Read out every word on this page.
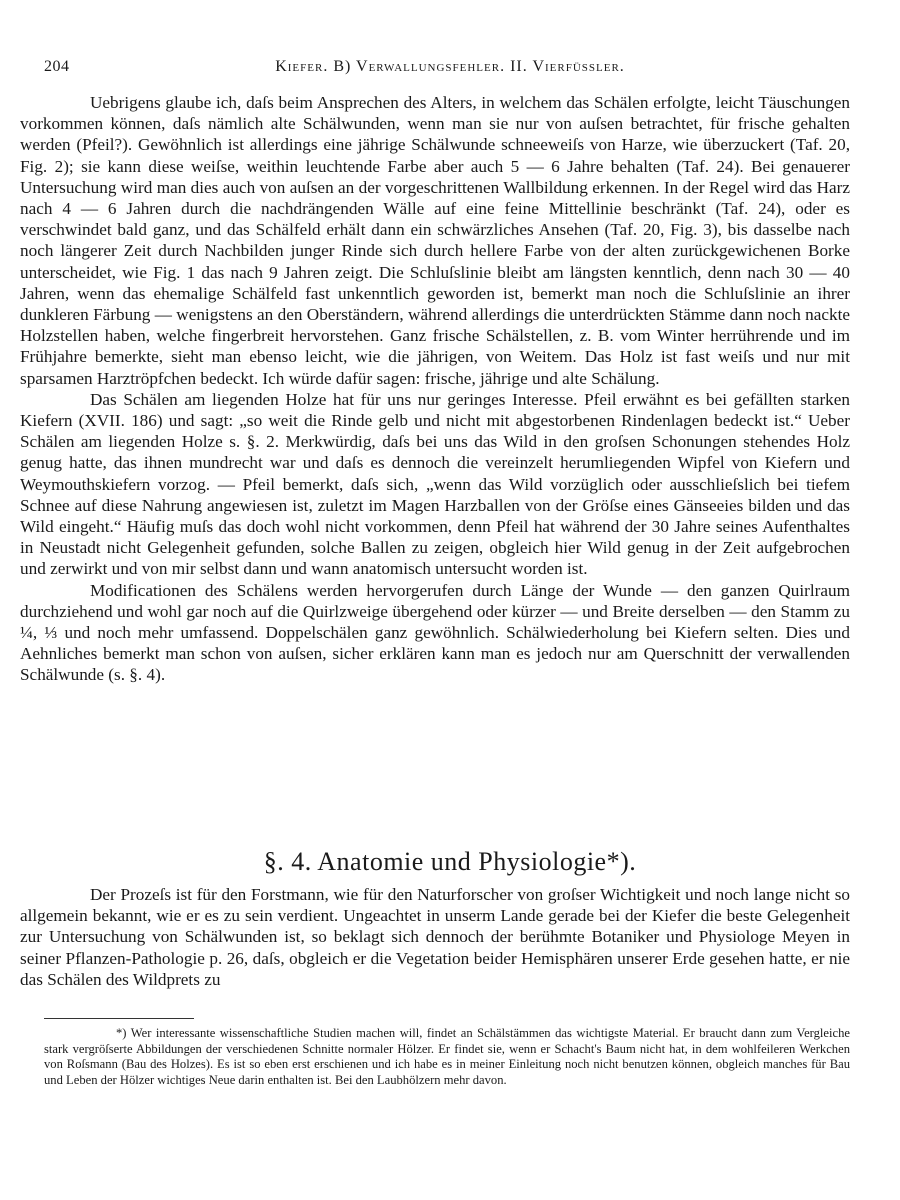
204	Kiefer. B) Verwallungsfehler. II. Vierfüssler.

Uebrigens glaube ich, daſs beim Ansprechen des Alters, in welchem das Schälen erfolgte, leicht Täuschungen vorkommen können, daſs nämlich alte Schälwunden, wenn man sie nur von auſsen betrachtet, für frische gehalten werden (Pfeil?). Gewöhnlich ist allerdings eine jährige Schälwunde schneeweiſs von Harze, wie überzuckert (Taf. 20, Fig. 2); sie kann diese weiſse, weithin leuchtende Farbe aber auch 5 — 6 Jahre behalten (Taf. 24). Bei genauerer Untersuchung wird man dies auch von auſsen an der vorgeschrittenen Wallbildung erkennen. In der Regel wird das Harz nach 4 — 6 Jahren durch die nachdrängenden Wälle auf eine feine Mittellinie beschränkt (Taf. 24), oder es verschwindet bald ganz, und das Schälfeld erhält dann ein schwärzliches Ansehen (Taf. 20, Fig. 3), bis dasselbe nach noch längerer Zeit durch Nachbilden junger Rinde sich durch hellere Farbe von der alten zurückgewichenen Borke unterscheidet, wie Fig. 1 das nach 9 Jahren zeigt. Die Schluſslinie bleibt am längsten kenntlich, denn nach 30 — 40 Jahren, wenn das ehemalige Schälfeld fast unkenntlich geworden ist, bemerkt man noch die Schluſslinie an ihrer dunkleren Färbung — wenigstens an den Oberständern, während allerdings die unterdrückten Stämme dann noch nackte Holzstellen haben, welche fingerbreit hervorstehen. Ganz frische Schälstellen, z. B. vom Winter herrührende und im Frühjahre bemerkte, sieht man ebenso leicht, wie die jährigen, von Weitem. Das Holz ist fast weiſs und nur mit sparsamen Harztröpfchen bedeckt. Ich würde dafür sagen: frische, jährige und alte Schälung.

Das Schälen am liegenden Holze hat für uns nur geringes Interesse. Pfeil erwähnt es bei gefällten starken Kiefern (XVII. 186) und sagt: „so weit die Rinde gelb und nicht mit abgestorbenen Rindenlagen bedeckt ist.“ Ueber Schälen am liegenden Holze s. §. 2. Merkwürdig, daſs bei uns das Wild in den groſsen Schonungen stehendes Holz genug hatte, das ihnen mundrecht war und daſs es dennoch die vereinzelt herumliegenden Wipfel von Kiefern und Weymouthskiefern vorzog. — Pfeil bemerkt, daſs sich, „wenn das Wild vorzüglich oder ausschlieſslich bei tiefem Schnee auf diese Nahrung angewiesen ist, zuletzt im Magen Harzballen von der Gröſse eines Gänseeies bilden und das Wild eingeht.“ Häufig muſs das doch wohl nicht vorkommen, denn Pfeil hat während der 30 Jahre seines Aufenthaltes in Neustadt nicht Gelegenheit gefunden, solche Ballen zu zeigen, obgleich hier Wild genug in der Zeit aufgebrochen und zerwirkt und von mir selbst dann und wann anatomisch untersucht worden ist.

Modificationen des Schälens werden hervorgerufen durch Länge der Wunde — den ganzen Quirlraum durchziehend und wohl gar noch auf die Quirlzweige übergehend oder kürzer — und Breite derselben — den Stamm zu ¼, ⅓ und noch mehr umfassend. Doppelschälen ganz gewöhnlich. Schälwiederholung bei Kiefern selten. Dies und Aehnliches bemerkt man schon von auſsen, sicher erklären kann man es jedoch nur am Querschnitt der verwallenden Schälwunde (s. §. 4).

§. 4. Anatomie und Physiologie*).

Der Prozeſs ist für den Forstmann, wie für den Naturforscher von groſser Wichtigkeit und noch lange nicht so allgemein bekannt, wie er es zu sein verdient. Ungeachtet in unserm Lande gerade bei der Kiefer die beste Gelegenheit zur Untersuchung von Schälwunden ist, so beklagt sich dennoch der berühmte Botaniker und Physiologe Meyen in seiner Pflanzen-Pathologie p. 26, daſs, obgleich er die Vegetation beider Hemisphären unserer Erde gesehen hatte, er nie das Schälen des Wildprets zu

*) Wer interessante wissenschaftliche Studien machen will, findet an Schälstämmen das wichtigste Material. Er braucht dann zum Vergleiche stark vergröſserte Abbildungen der verschiedenen Schnitte normaler Hölzer. Er findet sie, wenn er Schacht's Baum nicht hat, in dem wohlfeileren Werkchen von Roſsmann (Bau des Holzes). Es ist so eben erst erschienen und ich habe es in meiner Einleitung noch nicht benutzen können, obgleich manches für Bau und Leben der Hölzer wichtiges Neue darin enthalten ist. Bei den Laubhölzern mehr davon.
